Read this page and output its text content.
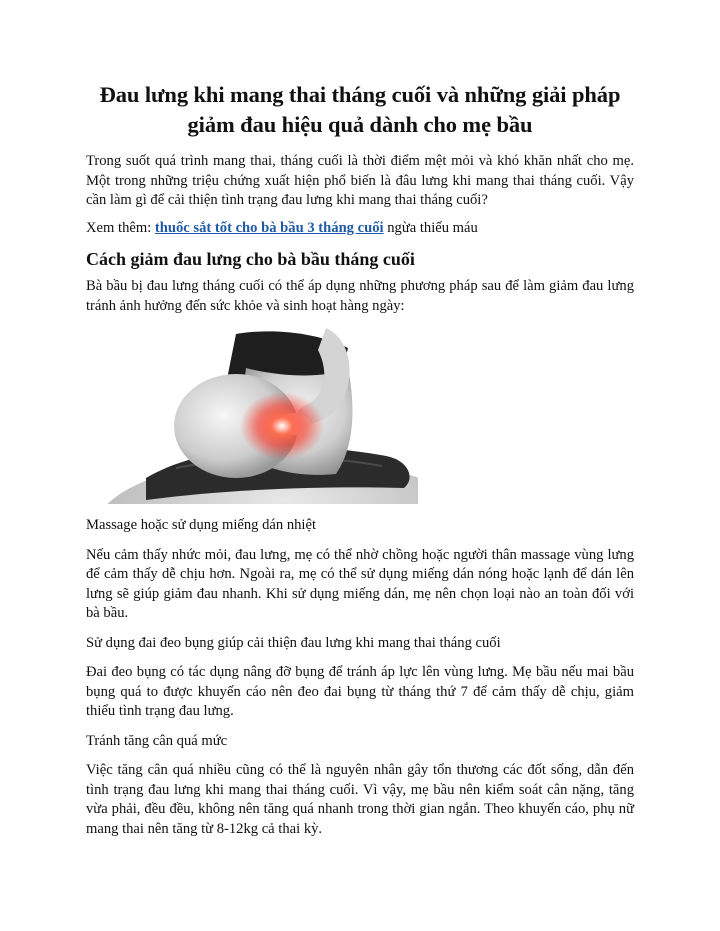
Đau lưng khi mang thai tháng cuối và những giải pháp giảm đau hiệu quả dành cho mẹ bầu

Trong suốt quá trình mang thai, tháng cuối là thời điểm mệt mỏi và khó khăn nhất cho mẹ. Một trong những triệu chứng xuất hiện phổ biến là đâu lưng khi mang thai tháng cuối. Vậy cần làm gì để cải thiện tình trạng đau lưng khi mang thai tháng cuối?

Xem thêm: thuốc sắt tốt cho bà bầu 3 tháng cuối ngừa thiếu máu

Cách giảm đau lưng cho bà bầu tháng cuối

Bà bầu bị đau lưng tháng cuối có thể áp dụng những phương pháp sau để làm giảm đau lưng tránh ảnh hưởng đến sức khỏe và sinh hoạt hàng ngày:

Massage hoặc sử dụng miếng dán nhiệt

Nếu cảm thấy nhức mỏi, đau lưng, mẹ có thể nhờ chồng hoặc người thân massage vùng lưng để cảm thấy dễ chịu hơn. Ngoài ra, mẹ có thể sử dụng miếng dán nóng hoặc lạnh để dán lên lưng sẽ giúp giảm đau nhanh. Khi sử dụng miếng dán, mẹ nên chọn loại nào an toàn đối với bà bầu.

Sử dụng đai đeo bụng giúp cải thiện đau lưng khi mang thai tháng cuối

Đai đeo bụng có tác dụng nâng đỡ bụng để tránh áp lực lên vùng lưng. Mẹ bầu nếu mai bầu bụng quá to được khuyến cáo nên đeo đai bụng từ tháng thứ 7 để cảm thấy dễ chịu, giảm thiểu tình trạng đau lưng.

Tránh tăng cân quá mức

Việc tăng cân quá nhiều cũng có thể là nguyên nhân gây tổn thương các đốt sống, dẫn đến tình trạng đau lưng khi mang thai tháng cuối. Vì vậy, mẹ bầu nên kiểm soát cân nặng, tăng vừa phải, đều đều, không nên tăng quá nhanh trong thời gian ngắn. Theo khuyến cáo, phụ nữ mang thai nên tăng từ 8-12kg cả thai kỳ.
